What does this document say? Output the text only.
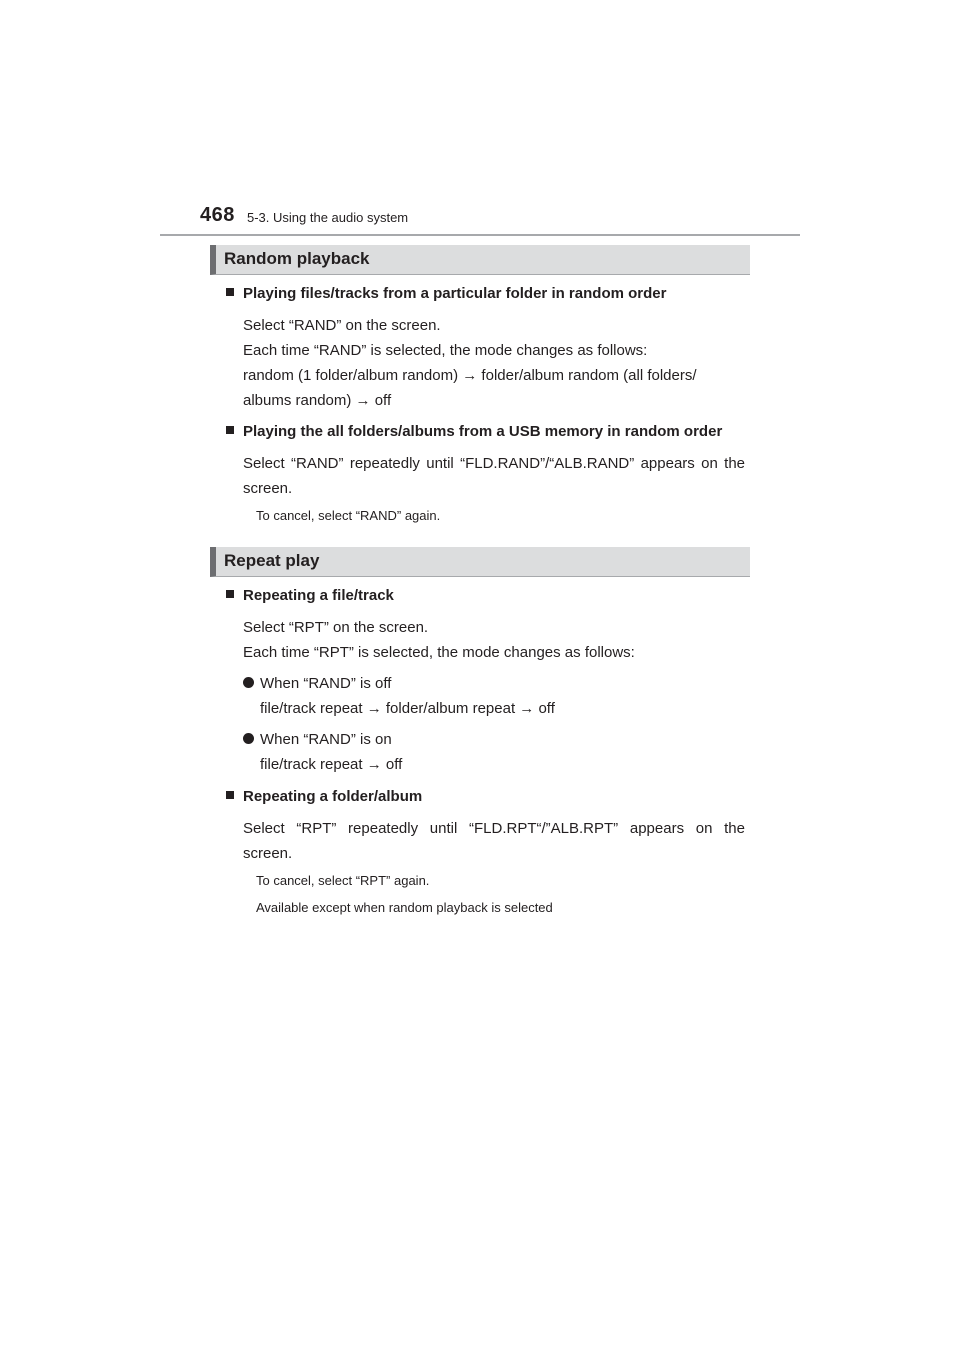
468 5-3. Using the audio system
Random playback
Playing files/tracks from a particular folder in random order

Select “RAND” on the screen.

Each time “RAND” is selected, the mode changes as follows:

random (1 folder/album random) → folder/album random (all folders/

albums random) → off

Playing the all folders/albums from a USB memory in random order

Select “RAND” repeatedly until “FLD.RAND”/“ALB.RAND” appears on the screen.

To cancel, select “RAND” again.
Repeat play
Repeating a file/track

Select “RPT” on the screen.

Each time “RPT” is selected, the mode changes as follows:

When “RAND” is off
file/track repeat → folder/album repeat → off
When “RAND” is on
file/track repeat → off
Repeating a folder/album

Select “RPT” repeatedly until “FLD.RPT“/”ALB.RPT” appears on the screen.

To cancel, select “RPT” again.
Available except when random playback is selected
